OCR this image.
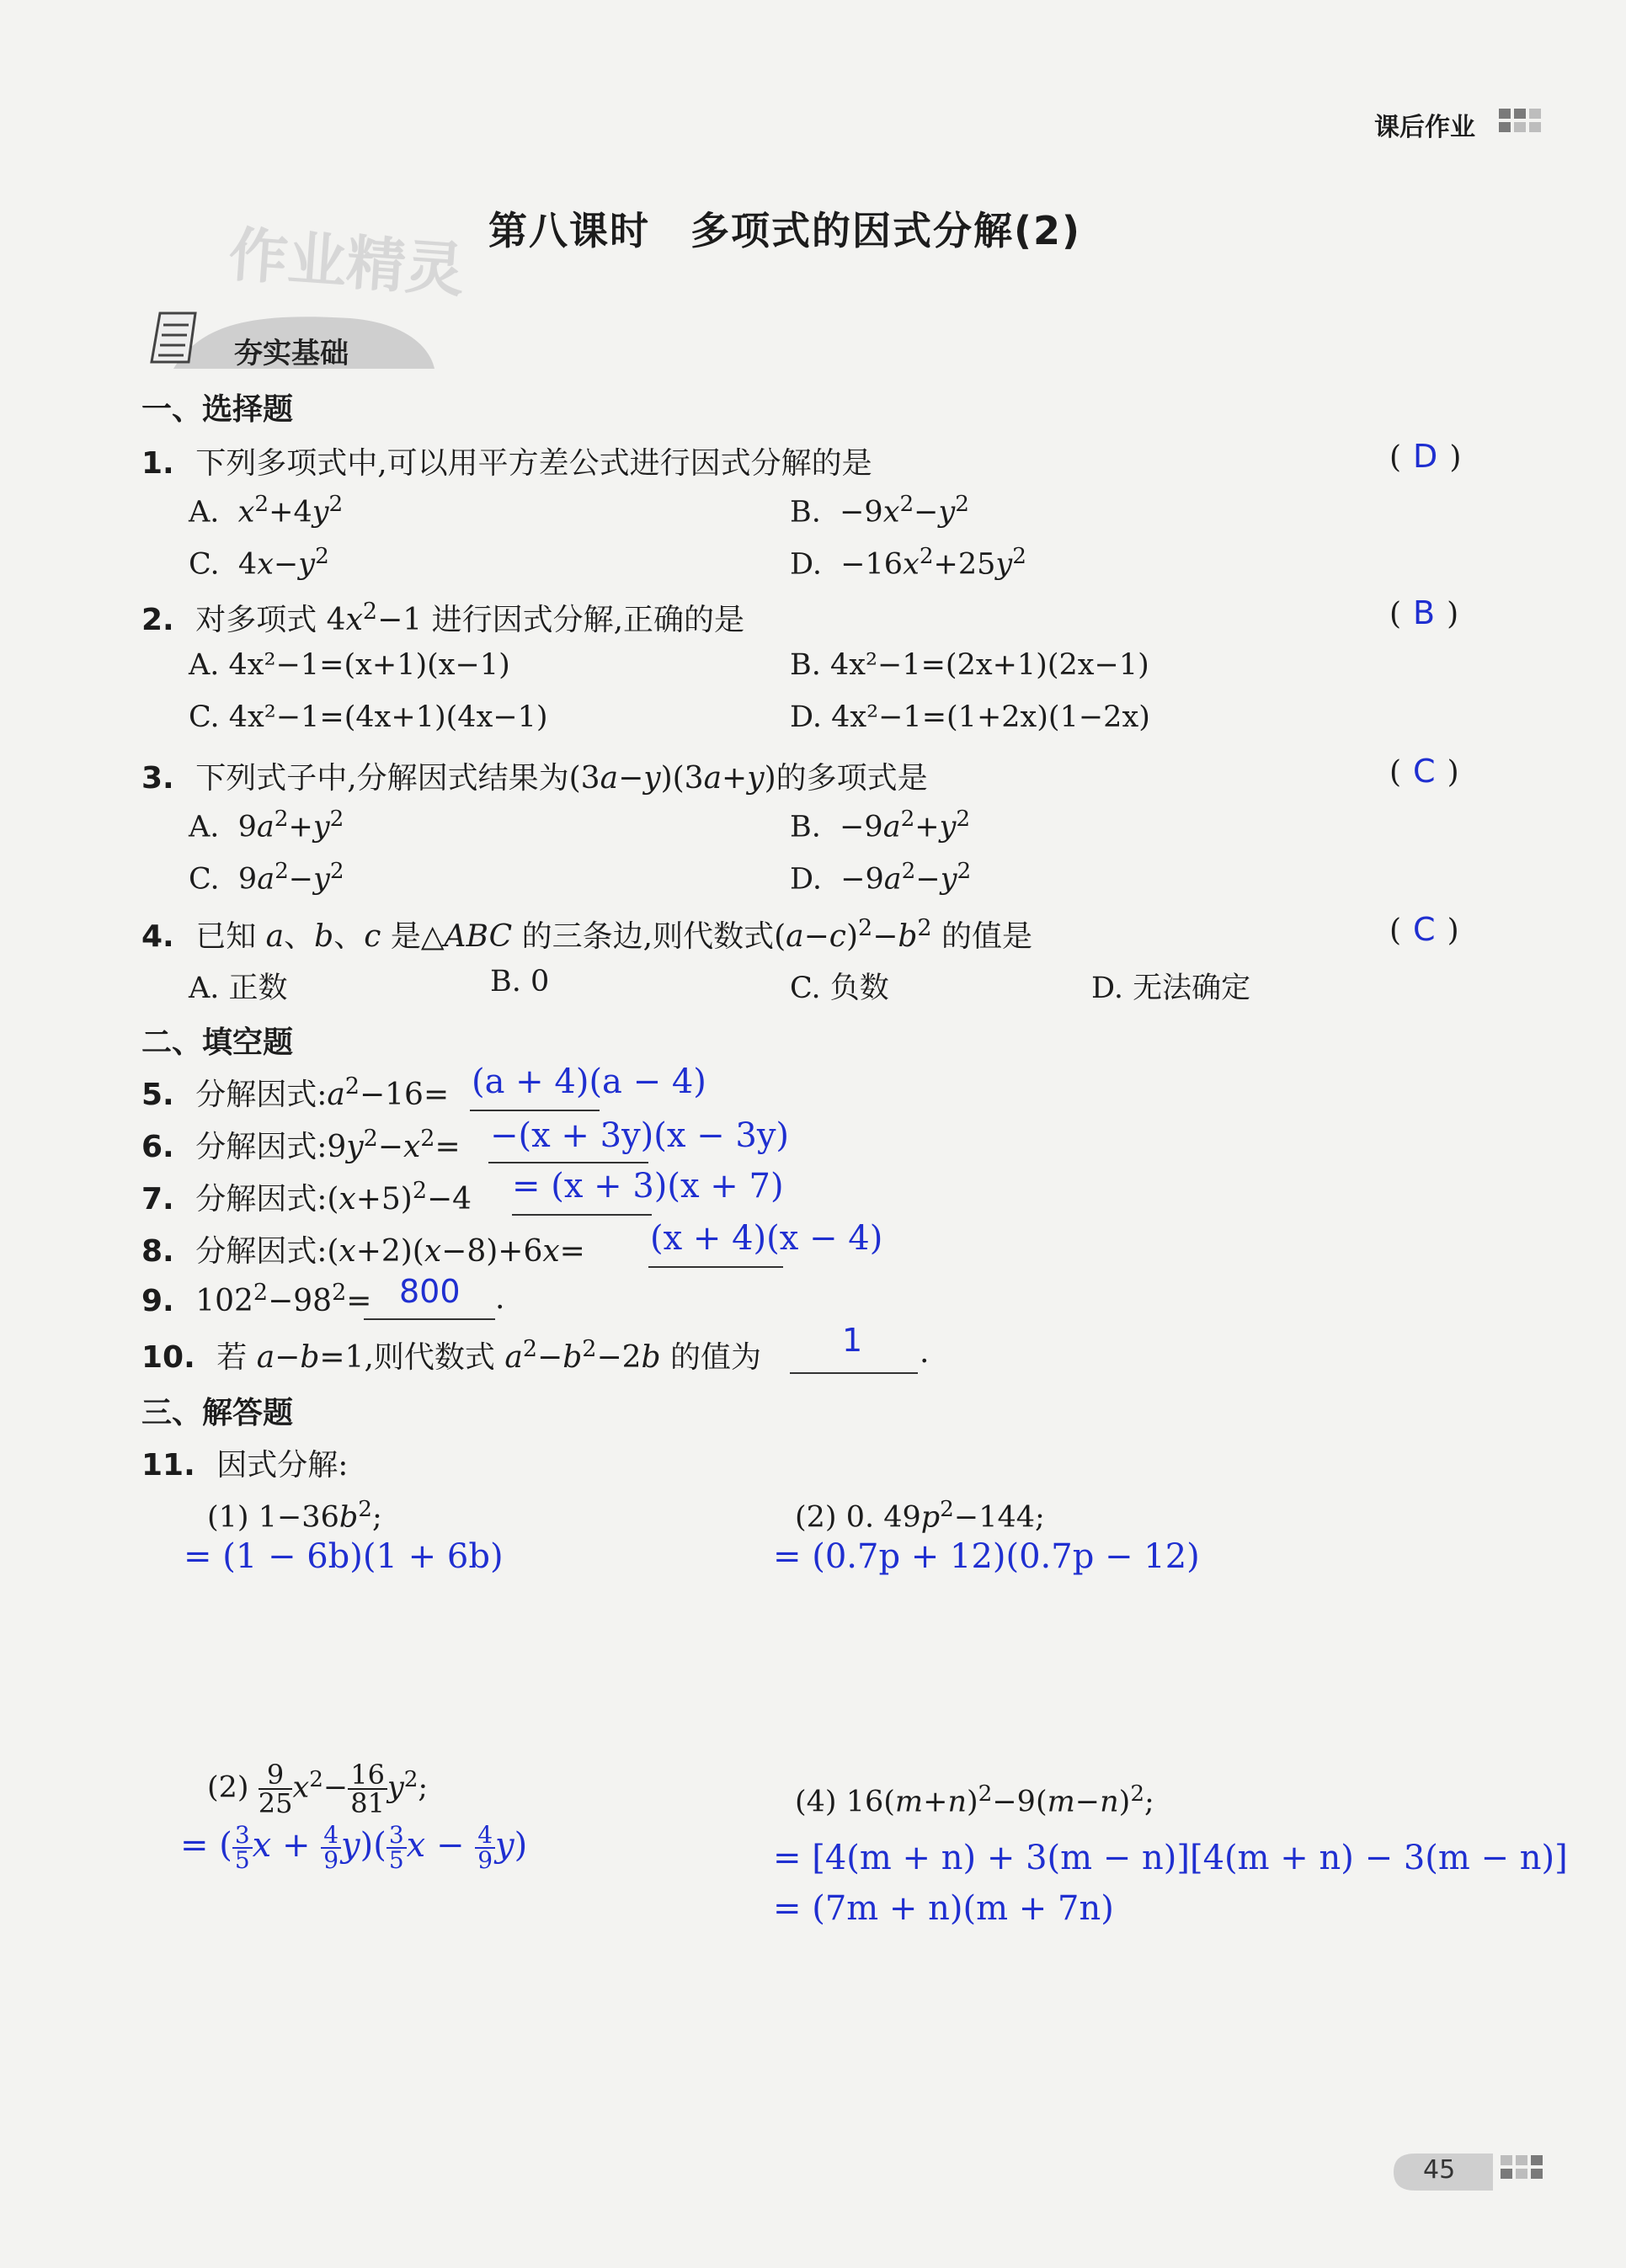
课后作业
作业精灵 第八课时　多项式的因式分解(2)
夯实基础
一、选择题
1. 下列多项式中,可以用平方差公式进行因式分解的是	( D )
A. $x^2+4y^2$	B.  $-9x^2-y^2$
C.  $4x-y^2$	D.  $-16x^2+25y^2$
2. 对多项式 $4x^2-1$ 进行因式分解,正确的是	( B )
A. 4x²−1=(x+1)(x−1)	B. 4x²−1=(2x+1)(2x−1)
C. 4x²−1=(4x+1)(4x−1)	D. 4x²−1=(1+2x)(1−2x)
3. 下列式子中,分解因式结果为(3a−y)(3a+y)的多项式是	( C )
A.  $9a^2+y^2$	B.  $-9a^2+y^2$
C.  $9a^2-y^2$	D.  $-9a^2-y^2$
4. 已知 a、b、c 是△ABC 的三条边,则代数式$(a-c)^2-b^2$ 的值是	( C )
A. 正数	B. 0	C. 负数	D. 无法确定
二、填空题
5. 分解因式$:a^2-16= (a + 4)(a - 4)$
6. 分解因式$:9y^2-x^2= -(x + 3y)(x - 3y)$
7. 分解因式$:(x+5)^2-4 = (x + 3)(x + 7)$
8. 分解因式:(x+2)(x−8)+6x= (x + 4)(x − 4)
9. $102^2-98^2=$	.
800
10. 若 a−b=1,则代数式 $a^2-b^2-2b$ 的值为	.
1
三、解答题
11. 因式分解:
(1) $1-36b^2$;
= (1 − 6b)(1 + 6b)
(2) 0. $49p^2-144$;
= (0.7p + 12)(0.7p − 12)
$(2) \frac{9}{25} x^2- \frac{16}{81} y^2$;
= ( $\frac{3}{5}$ $x + \frac{4}{9} y)( \frac{3}{5}$ $x - \frac{4}{9} y$)
(4) $16(m+n)^2-9(m-n)^2$;
= [4(m + n) + 3(m − n)][4(m + n) − 3(m − n)]
= (7m + n)(m + 7n)
45
